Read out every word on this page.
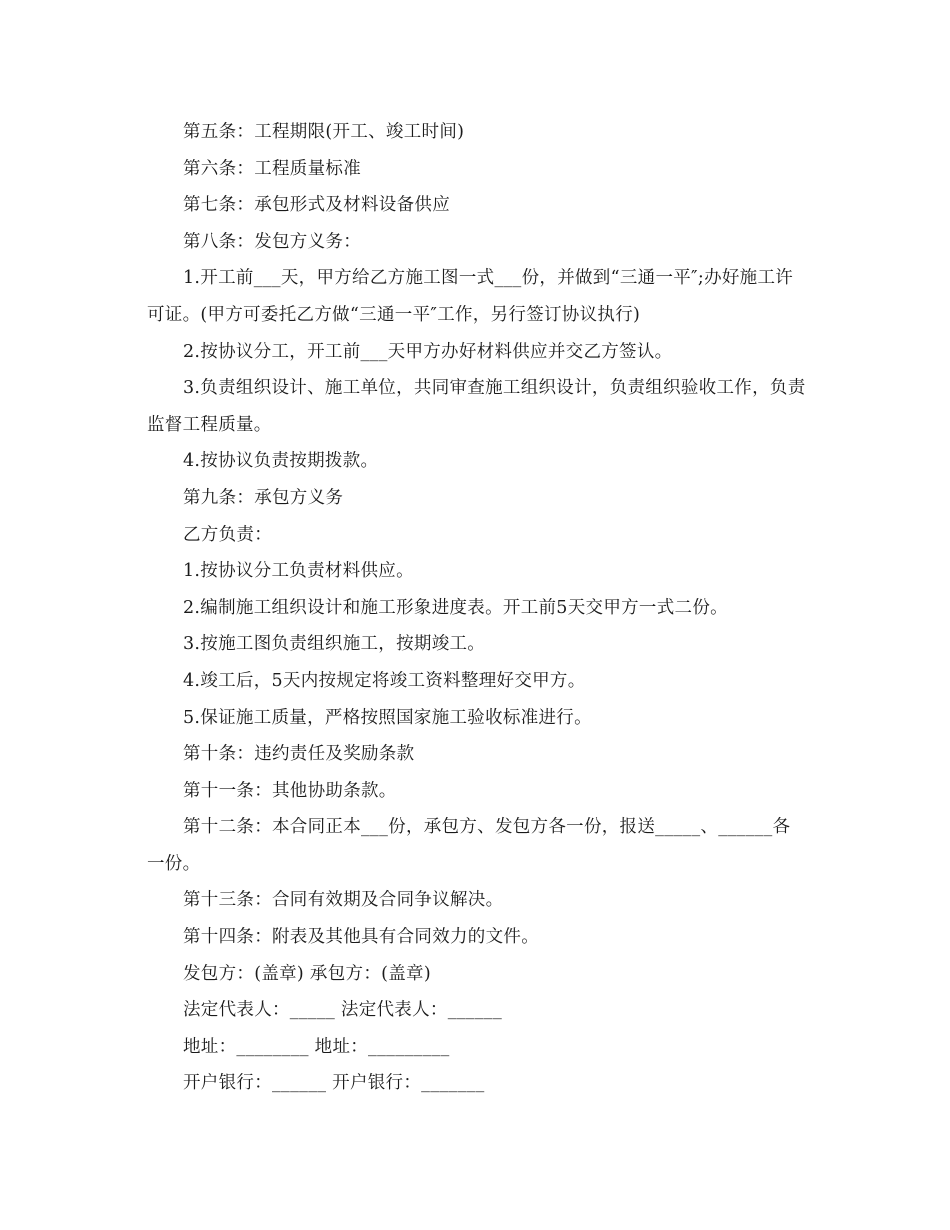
第五条：工程期限(开工、竣工时间)

第六条：工程质量标准

第七条：承包形式及材料设备供应

第八条：发包方义务：

1.开工前___天，甲方给乙方施工图一式___份，并做到“三通一平″;办好施工许可证。(甲方可委托乙方做“三通一平″工作，另行签订协议执行)

2.按协议分工，开工前___天甲方办好材料供应并交乙方签认。

3.负责组织设计、施工单位，共同审查施工组织设计，负责组织验收工作，负责监督工程质量。

4.按协议负责按期拨款。

第九条：承包方义务

乙方负责：

1.按协议分工负责材料供应。

2.编制施工组织设计和施工形象进度表。开工前5天交甲方一式二份。

3.按施工图负责组织施工，按期竣工。

4.竣工后，5天内按规定将竣工资料整理好交甲方。

5.保证施工质量，严格按照国家施工验收标准进行。

第十条：违约责任及奖励条款

第十一条：其他协助条款。

第十二条：本合同正本___份，承包方、发包方各一份，报送_____、______各一份。

第十三条：合同有效期及合同争议解决。

第十四条：附表及其他具有合同效力的文件。

发包方：(盖章) 承包方：(盖章)

法定代表人：_____ 法定代表人：______

地址：________ 地址：_________

开户银行：______ 开户银行：_______
